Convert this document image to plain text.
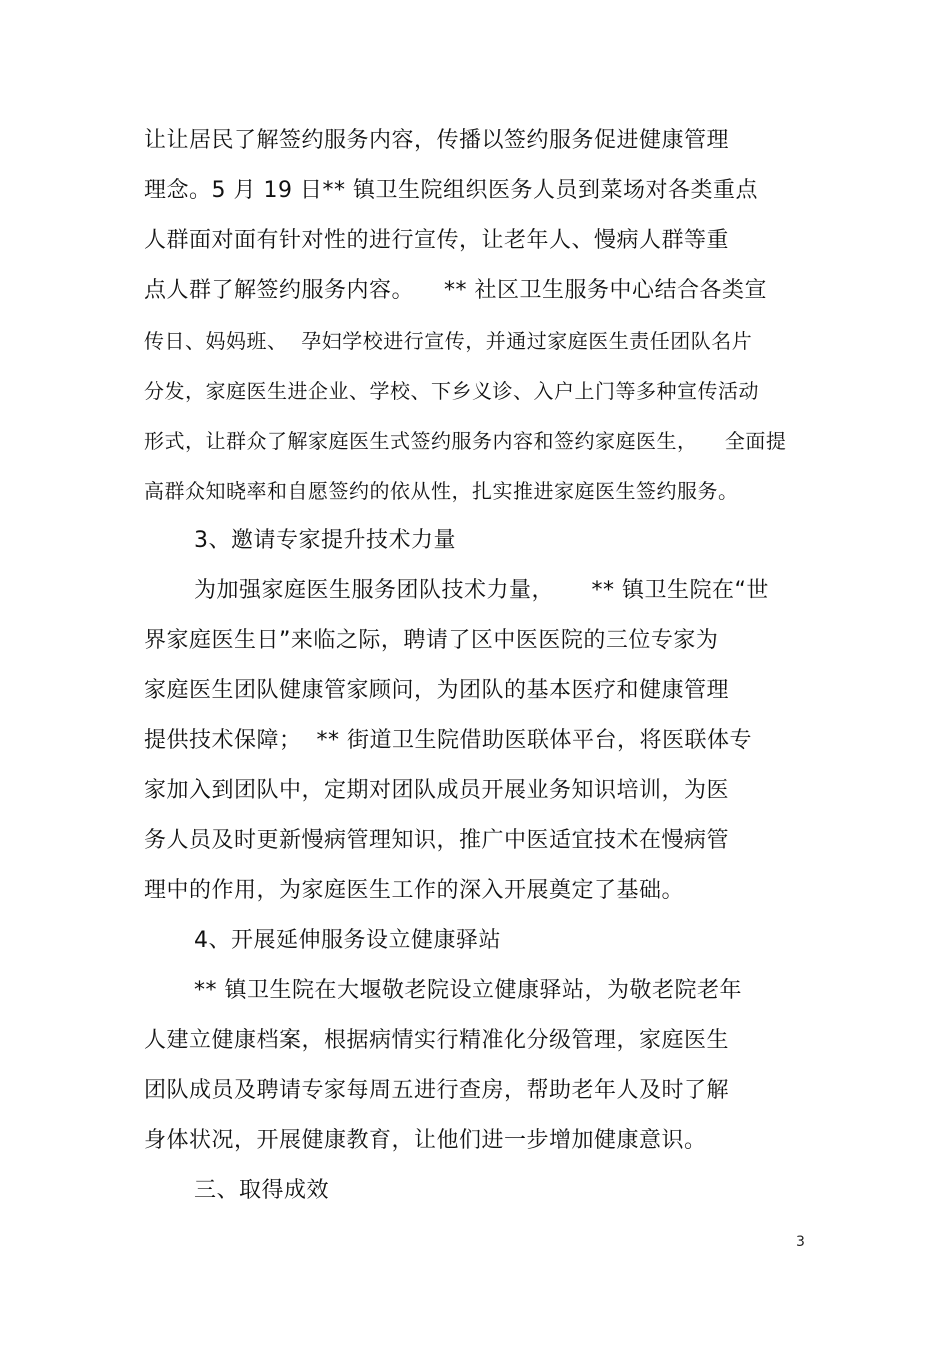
让让居民了解签约服务内容，传播以签约服务促进健康管理
理念。5 月 19 日** 镇卫生院组织医务人员到菜场对各类重点
人群面对面有针对性的进行宣传，让老年人、慢病人群等重
点人群了解签约服务内容。    ** 社区卫生服务中心结合各类宣
传日、妈妈班、  孕妇学校进行宣传，并通过家庭医生责任团队名片
分发，家庭医生进企业、学校、下乡义诊、入户上门等多种宣传活动
形式，让群众了解家庭医生式签约服务内容和签约家庭医生，    全面提
高群众知晓率和自愿签约的依从性，扎实推进家庭医生签约服务。
3、邀请专家提升技术力量
为加强家庭医生服务团队技术力量，     ** 镇卫生院在“世
界家庭医生日”来临之际，聘请了区中医医院的三位专家为
家庭医生团队健康管家顾问，为团队的基本医疗和健康管理
提供技术保障；  ** 街道卫生院借助医联体平台，将医联体专
家加入到团队中，定期对团队成员开展业务知识培训，为医
务人员及时更新慢病管理知识，推广中医适宜技术在慢病管
理中的作用，为家庭医生工作的深入开展奠定了基础。
4、开展延伸服务设立健康驿站
** 镇卫生院在大堰敬老院设立健康驿站，为敬老院老年
人建立健康档案，根据病情实行精准化分级管理，家庭医生
团队成员及聘请专家每周五进行查房，帮助老年人及时了解
身体状况，开展健康教育，让他们进一步增加健康意识。
三、取得成效
3
